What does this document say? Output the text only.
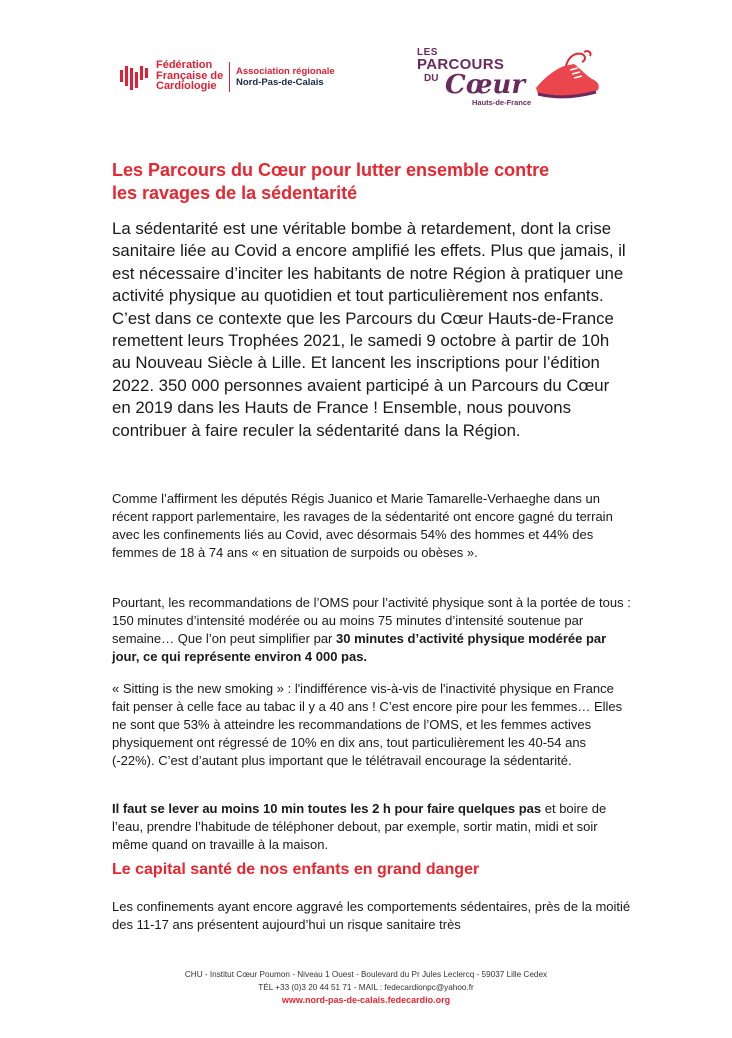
Fédération
Française de
Cardiologie
Association régionale
Nord-Pas-de-Calais
LES
PARCOURS
DU Cœur
Hauts-de-France
Les Parcours du Cœur pour lutter ensemble contre
les ravages de la sédentarité

La sédentarité est une véritable bombe à retardement, dont la crise sanitaire liée au Covid a encore amplifié les effets. Plus que jamais, il est nécessaire d’inciter les habitants de notre Région à pratiquer une activité physique au quotidien et tout particulièrement nos enfants. C’est dans ce contexte que les Parcours du Cœur Hauts-de-France remettent leurs Trophées 2021, le samedi 9 octobre à partir de 10h au Nouveau Siècle à Lille. Et lancent les inscriptions pour l’édition 2022. 350 000 personnes avaient participé à un Parcours du Cœur en 2019 dans les Hauts de France ! Ensemble, nous pouvons contribuer à faire reculer la sédentarité dans la Région.

Comme l’affirment les députés Régis Juanico et Marie Tamarelle-Verhaeghe dans un récent rapport parlementaire, les ravages de la sédentarité ont encore gagné du terrain avec les confinements liés au Covid, avec désormais 54% des hommes et 44% des femmes de 18 à 74 ans « en situation de surpoids ou obèses ».

Pourtant, les recommandations de l’OMS pour l’activité physique sont à la portée de tous : 150 minutes d’intensité modérée ou au moins 75 minutes d’intensité soutenue par semaine… Que l’on peut simplifier par 30 minutes d’activité physique modérée par jour, ce qui représente environ 4 000 pas.

« Sitting is the new smoking » : l'indifférence vis-à-vis de l'inactivité physique en France fait penser à celle face au tabac il y a 40 ans ! C’est encore pire pour les femmes… Elles ne sont que 53% à atteindre les recommandations de l’OMS, et les femmes actives physiquement ont régressé de 10% en dix ans, tout particulièrement les 40-54 ans (-22%). C’est d’autant plus important que le télétravail encourage la sédentarité.

Il faut se lever au moins 10 min toutes les 2 h pour faire quelques pas et boire de l’eau, prendre l’habitude de téléphoner debout, par exemple, sortir matin, midi et soir même quand on travaille à la maison.

Le capital santé de nos enfants en grand danger

Les confinements ayant encore aggravé les comportements sédentaires, près de la moitié des 11-17 ans présentent aujourd’hui un risque sanitaire très

CHU - Institut Cœur Poumon - Niveau 1 Ouest - Boulevard du Pr Jules Leclercq - 59037 Lille Cedex
TÉL +33 (0)3 20 44 51 71 - MAIL : fedecardionpc@yahoo.fr
www.nord-pas-de-calais.fedecardio.org
